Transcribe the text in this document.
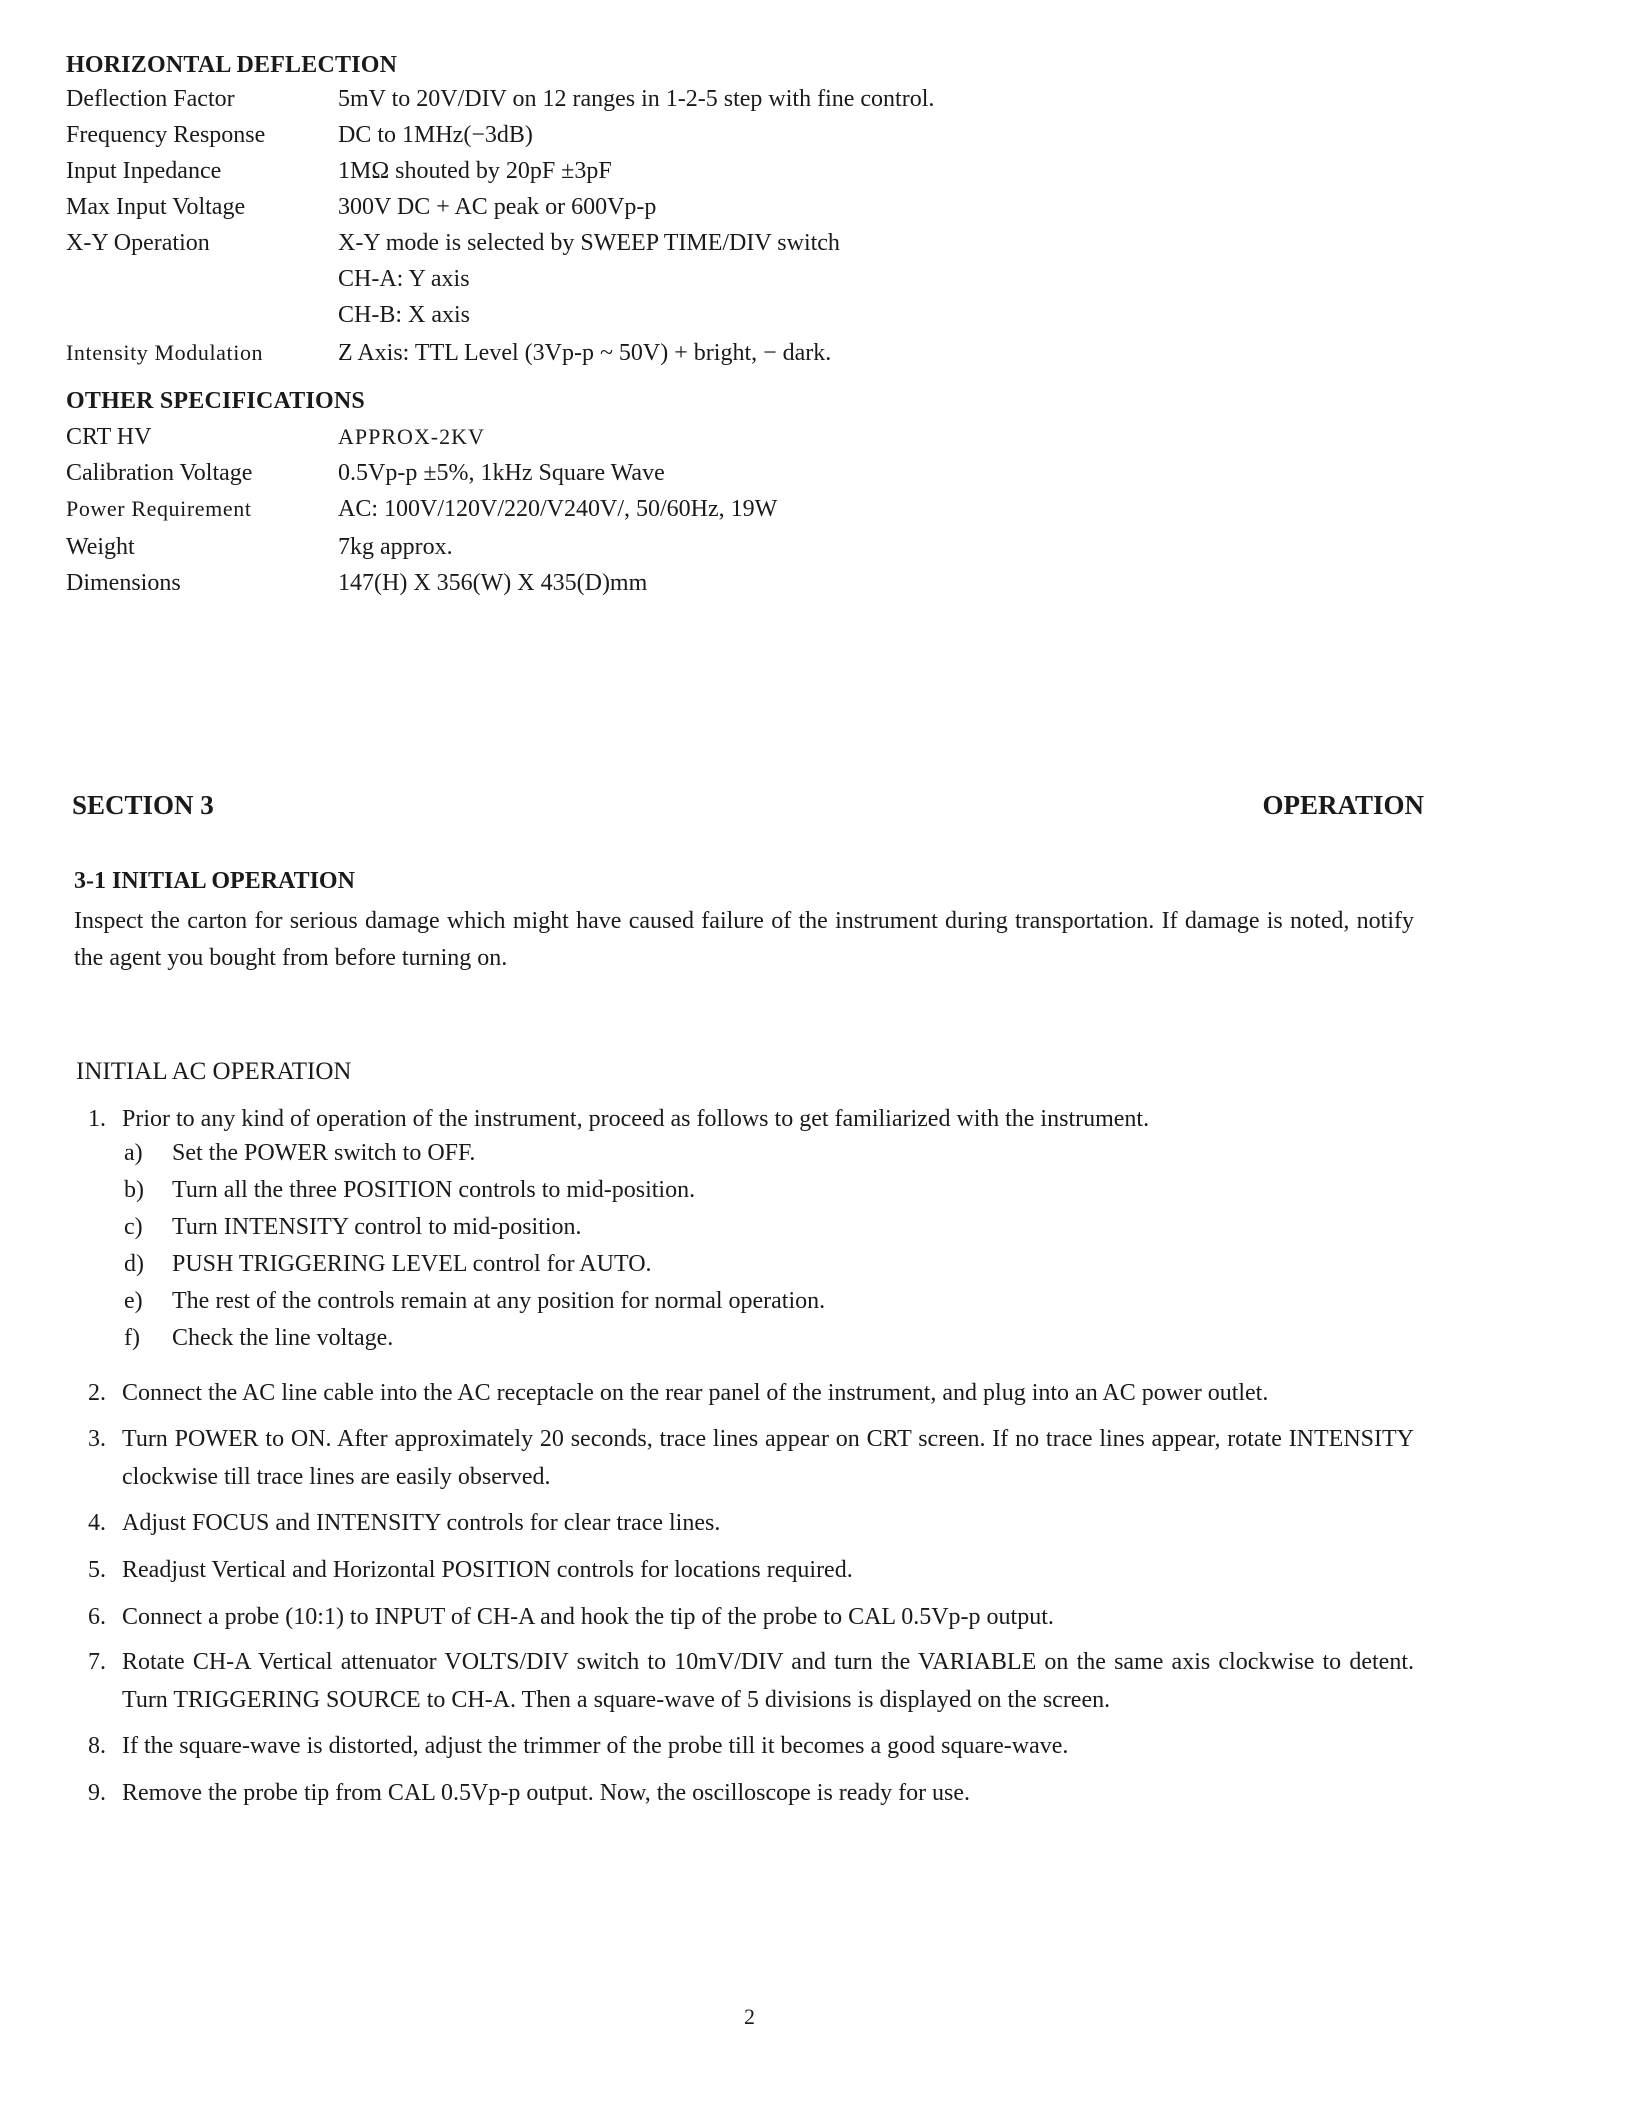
HORIZONTAL DEFLECTION
Deflection Factor	5mV to 20V/DIV on 12 ranges in 1-2-5 step with fine control.
Frequency Response	DC to 1MHz(−3dB)
Input Inpedance	1MΩ shouted by 20pF ±3pF
Max Input Voltage	300V DC + AC peak or 600Vp-p
X-Y Operation	X-Y mode is selected by SWEEP TIME/DIV switch
CH-A: Y axis
CH-B: X axis
Intensity Modulation	Z Axis: TTL Level (3Vp-p ~ 50V) + bright, − dark.
OTHER SPECIFICATIONS
CRT HV	APPROX-2KV
Calibration Voltage	0.5Vp-p ±5%, 1kHz Square Wave
Power Requirement	AC: 100V/120V/220/V240V/, 50/60Hz, 19W
Weight	7kg approx.
Dimensions	147(H) X 356(W) X 435(D)mm
SECTION 3	OPERATION
3-1 INITIAL OPERATION
Inspect the carton for serious damage which might have caused failure of the instrument during transportation. If damage is noted, notify the agent you bought from before turning on.
INITIAL AC OPERATION
1. Prior to any kind of operation of the instrument, proceed as follows to get familiarized with the instrument.
a) Set the POWER switch to OFF.
b) Turn all the three POSITION controls to mid-position.
c) Turn INTENSITY control to mid-position.
d) PUSH TRIGGERING LEVEL control for AUTO.
e) The rest of the controls remain at any position for normal operation.
f) Check the line voltage.
2. Connect the AC line cable into the AC receptacle on the rear panel of the instrument, and plug into an AC power outlet.
3. Turn POWER to ON. After approximately 20 seconds, trace lines appear on CRT screen. If no trace lines appear, rotate INTENSITY clockwise till trace lines are easily observed.
4. Adjust FOCUS and INTENSITY controls for clear trace lines.
5. Readjust Vertical and Horizontal POSITION controls for locations required.
6. Connect a probe (10:1) to INPUT of CH-A and hook the tip of the probe to CAL 0.5Vp-p output.
7. Rotate CH-A Vertical attenuator VOLTS/DIV switch to 10mV/DIV and turn the VARIABLE on the same axis clockwise to detent. Turn TRIGGERING SOURCE to CH-A. Then a square-wave of 5 divisions is displayed on the screen.
8. If the square-wave is distorted, adjust the trimmer of the probe till it becomes a good square-wave.
9. Remove the probe tip from CAL 0.5Vp-p output. Now, the oscilloscope is ready for use.
2
